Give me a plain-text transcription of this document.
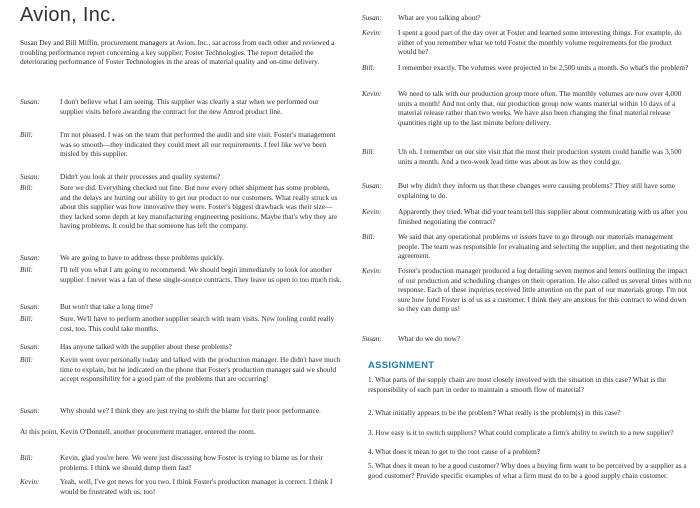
Avion, Inc.
Susan Dey and Bill Miffin, procurement managers at Avion, Inc., sat across from each other and reviewed a troubling performance report concerning a key supplier, Foster Technologies. The report detailed the deteriorating performance of Foster Technologies in the areas of material quality and on-time delivery.
Susan:	I don't believe what I am seeing. This supplier was clearly a star when we performed our supplier visits before awarding the contract for the new Amrod product line.
Bill:	I'm not pleased. I was on the team that performed the audit and site visit. Foster's management was so smooth—they indicated they could meet all our requirements. I feel like we've been misled by this supplier.
Susan:	Didn't you look at their processes and quality systems?
Bill:	Sure we did. Everything checked out fine. But now every other shipment has some problem, and the delays are hurting our ability to get our product to our customers. What really struck us about this supplier was how innovative they were. Foster's biggest drawback was their size—they lacked some depth at key manufacturing engineering positions. Maybe that's why they are having problems. It could be that someone has left the company.
Susan:	We are going to have to address these problems quickly.
Bill:	I'll tell you what I am going to recommend. We should begin immediately to look for another supplier. I never was a fan of these single-source contracts. They leave us open to too much risk.
Susan:	But won't that take a long time?
Bill:	Sure. We'll have to perform another supplier search with team visits. New tooling could really cost, too. This could take months.
Susan:	Has anyone talked with the supplier about these problems?
Bill:	Kevin went over personally today and talked with the production manager. He didn't have much time to explain, but he indicated on the phone that Foster's production manager said we should accept responsibility for a good part of the problems that are occurring!
Susan:	Why should we? I think they are just trying to shift the blame for their poor performance.
At this point, Kevin O'Donnell, another procurement manager, entered the room.
Bill:	Kevin, glad you're here. We were just discussing how Foster is trying to blame us for their problems. I think we should dump them fast!
Kevin:	Yeah, well, I've got news for you two. I think Foster's production manager is correct. I think I would be frustrated with us, too!
Susan: What are you talking about?
Kevin: I spent a good part of the day over at Foster and learned some interesting things. For example, do either of you remember what we told Foster the monthly volume requirements for the product would be?
Bill:	I remember exactly. The volumes were projected to be 2,500 units a month. So what's the problem?
Kevin: We need to talk with our production group more often. The monthly volumes are now over 4,000 units a month! And not only that, our production group now wants material within 10 days of a material release rather than two weeks. We have also been changing the final material release quantities right up to the last minute before delivery.
Bill:	Uh oh. I remember on our site visit that the most their production system could handle was 3,500 units a month. And a two-week lead time was about as low as they could go.
Susan: But why didn't they inform us that these changes were causing problems? They still have some explaining to do.
Kevin: Apparently they tried. What did your team tell this supplier about communicating with us after you finished negotiating the contract?
Bill:	We said that any operational problems or issues have to go through our materials management people. The team was responsible for evaluating and selecting the supplier, and then negotiating the agreement.
Kevin: Foster's production manager produced a log detailing seven memos and letters outlining the impact of our production and scheduling changes on their operation. He also called us several times with no response. Each of these inquiries received little attention on the part of our materials group. I'm not sure how fond Foster is of us as a customer. I think they are anxious for this contract to wind down so they can dump us!
Susan: What do we do now?
ASSIGNMENT
1. What parts of the supply chain are most closely involved with the situation in this case? What is the responsibility of each part in order to maintain a smooth flow of material?
2. What initially appears to be the problem? What really is the problem(s) in this case?
3. How easy is it to switch suppliers? What could complicate a firm's ability to switch to a new supplier?
4. What does it mean to get to the root cause of a problem?
5. What does it mean to be a good customer? Why does a buying firm want to be perceived by a supplier as a good customer? Provide specific examples of what a firm must do to be a good supply chain customer.
